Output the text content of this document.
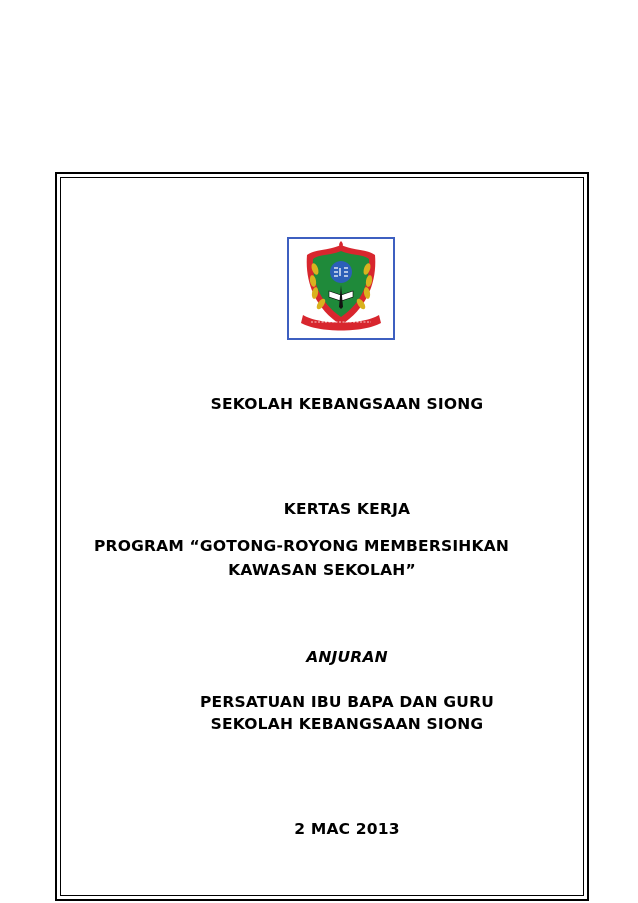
SEKOLAH KEBANGSAAN SIONG

KERTAS KERJA

PROGRAM “GOTONG-ROYONG MEMBERSIHKAN

KAWASAN SEKOLAH”

ANJURAN

PERSATUAN IBU BAPA DAN GURU

SEKOLAH KEBANGSAAN SIONG

2 MAC 2013
